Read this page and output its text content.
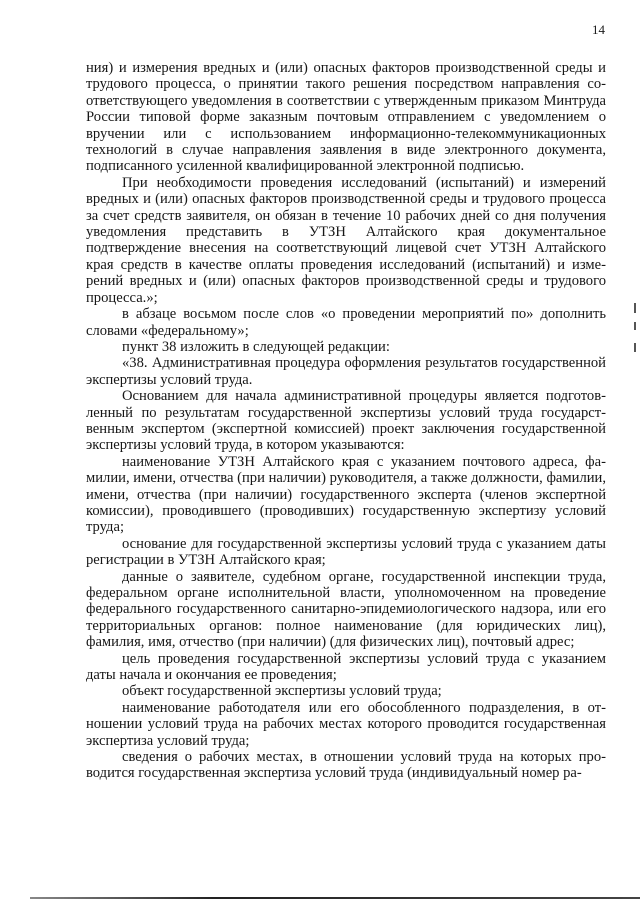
14

ния) и измерения вредных и (или) опасных факторов производственной среды и трудового процесса, о принятии такого решения посредством направления соответствующего уведомления в соответствии с утвержденным приказом Минтруда России типовой форме заказным почтовым отправлением с уведомлением о вручении или с использованием информационно-телекоммуникационных технологий в случае направления заявления в виде электронного документа, подписанного усиленной квалифицированной электронной подписью.

При необходимости проведения исследований (испытаний) и измерений вредных и (или) опасных факторов производственной среды и трудового процесса за счет средств заявителя, он обязан в течение 10 рабочих дней со дня получения уведомления представить в УТЗН Алтайского края документальное подтверждение внесения на соответствующий лицевой счет УТЗН Алтайского края средств в качестве оплаты проведения исследований (испытаний) и измерений вредных и (или) опасных факторов производственной среды и трудового процесса.»;

в абзаце восьмом после слов «о проведении мероприятий по» дополнить словами «федеральному»;

пункт 38 изложить в следующей редакции:

«38. Административная процедура оформления результатов государственной экспертизы условий труда.

Основанием для начала административной процедуры является подготовленный по результатам государственной экспертизы условий труда государственным экспертом (экспертной комиссией) проект заключения государственной экспертизы условий труда, в котором указываются:

наименование УТЗН Алтайского края с указанием почтового адреса, фамилии, имени, отчества (при наличии) руководителя, а также должности, фамилии, имени, отчества (при наличии) государственного эксперта (членов экспертной комиссии), проводившего (проводивших) государственную экспертизу условий труда;

основание для государственной экспертизы условий труда с указанием даты регистрации в УТЗН Алтайского края;

данные о заявителе, судебном органе, государственной инспекции труда, федеральном органе исполнительной власти, уполномоченном на проведение федерального государственного санитарно-эпидемиологического надзора, или его территориальных органов: полное наименование (для юридических лиц), фамилия, имя, отчество (при наличии) (для физических лиц), почтовый адрес;

цель проведения государственной экспертизы условий труда с указанием даты начала и окончания ее проведения;

объект государственной экспертизы условий труда;

наименование работодателя или его обособленного подразделения, в отношении условий труда на рабочих местах которого проводится государственная экспертиза условий труда;

сведения о рабочих местах, в отношении условий труда на которых проводится государственная экспертиза условий труда (индивидуальный номер ра-
